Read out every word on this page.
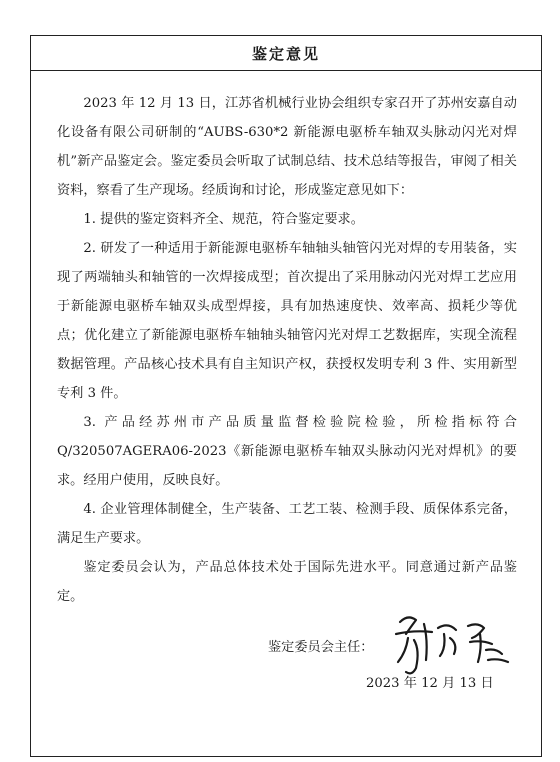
鉴定意见

2023 年 12 月 13 日，江苏省机械行业协会组织专家召开了苏州安嘉自动化设备有限公司研制的“AUBS-630*2 新能源电驱桥车轴双头脉动闪光对焊机”新产品鉴定会。鉴定委员会听取了试制总结、技术总结等报告，审阅了相关资料，察看了生产现场。经质询和讨论，形成鉴定意见如下：

1. 提供的鉴定资料齐全、规范，符合鉴定要求。

2. 研发了一种适用于新能源电驱桥车轴轴头轴管闪光对焊的专用装备，实现了两端轴头和轴管的一次焊接成型；首次提出了采用脉动闪光对焊工艺应用于新能源电驱桥车轴双头成型焊接，具有加热速度快、效率高、损耗少等优点；优化建立了新能源电驱桥车轴轴头轴管闪光对焊工艺数据库，实现全流程数据管理。产品核心技术具有自主知识产权，获授权发明专利 3 件、实用新型专利 3 件。

3. 产品经苏州市产品质量监督检验院检验，所检指标符合 Q/320507AGERA06-2023《新能源电驱桥车轴双头脉动闪光对焊机》的要求。经用户使用，反映良好。

4. 企业管理体制健全，生产装备、工艺工装、检测手段、质保体系完备，满足生产要求。

鉴定委员会认为，产品总体技术处于国际先进水平。同意通过新产品鉴定。

鉴定委员会主任：
2023 年 12 月 13 日
